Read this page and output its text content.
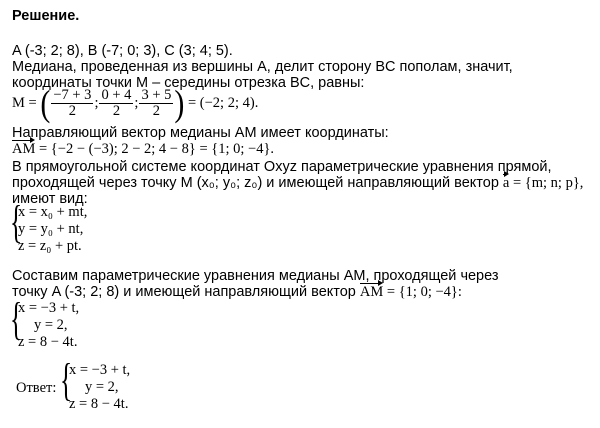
Решение.
A (-3; 2; 8), B (-7; 0; 3), C (3; 4; 5).
Медиана, проведенная из вершины A, делит сторону BC пополам, значит,
координаты точки M – середины отрезка BC, равны:
M = ( $\frac{-7 + 3}{2}$ ; $\frac{0 + 4}{2}$ ; $\frac{3 + 5}{2}$ ) = (−2; 2; 4).
Направляющий вектор медианы AM имеет координаты:
AM = {−2 − (−3); 2 − 2; 4 − 8} = {1; 0; −4}.
В прямоугольной системе координат Oxyz параметрические уравнения прямой,
проходящей через точку M (x₀; y₀; z₀) и имеющей направляющий вектор a = {m; n; p},
имеют вид:
{
x = x₀ + mt,
y = y₀ + nt,
z = z₀ + pt.
Составим параметрические уравнения медианы AM, проходящей через
точку A (-3; 2; 8) и имеющей направляющий вектор AM = {1; 0; −4}:
{
x = −3 + t,
y = 2,
z = 8 − 4t.
Ответ: {
x = −3 + t,
y = 2,
z = 8 − 4t.
